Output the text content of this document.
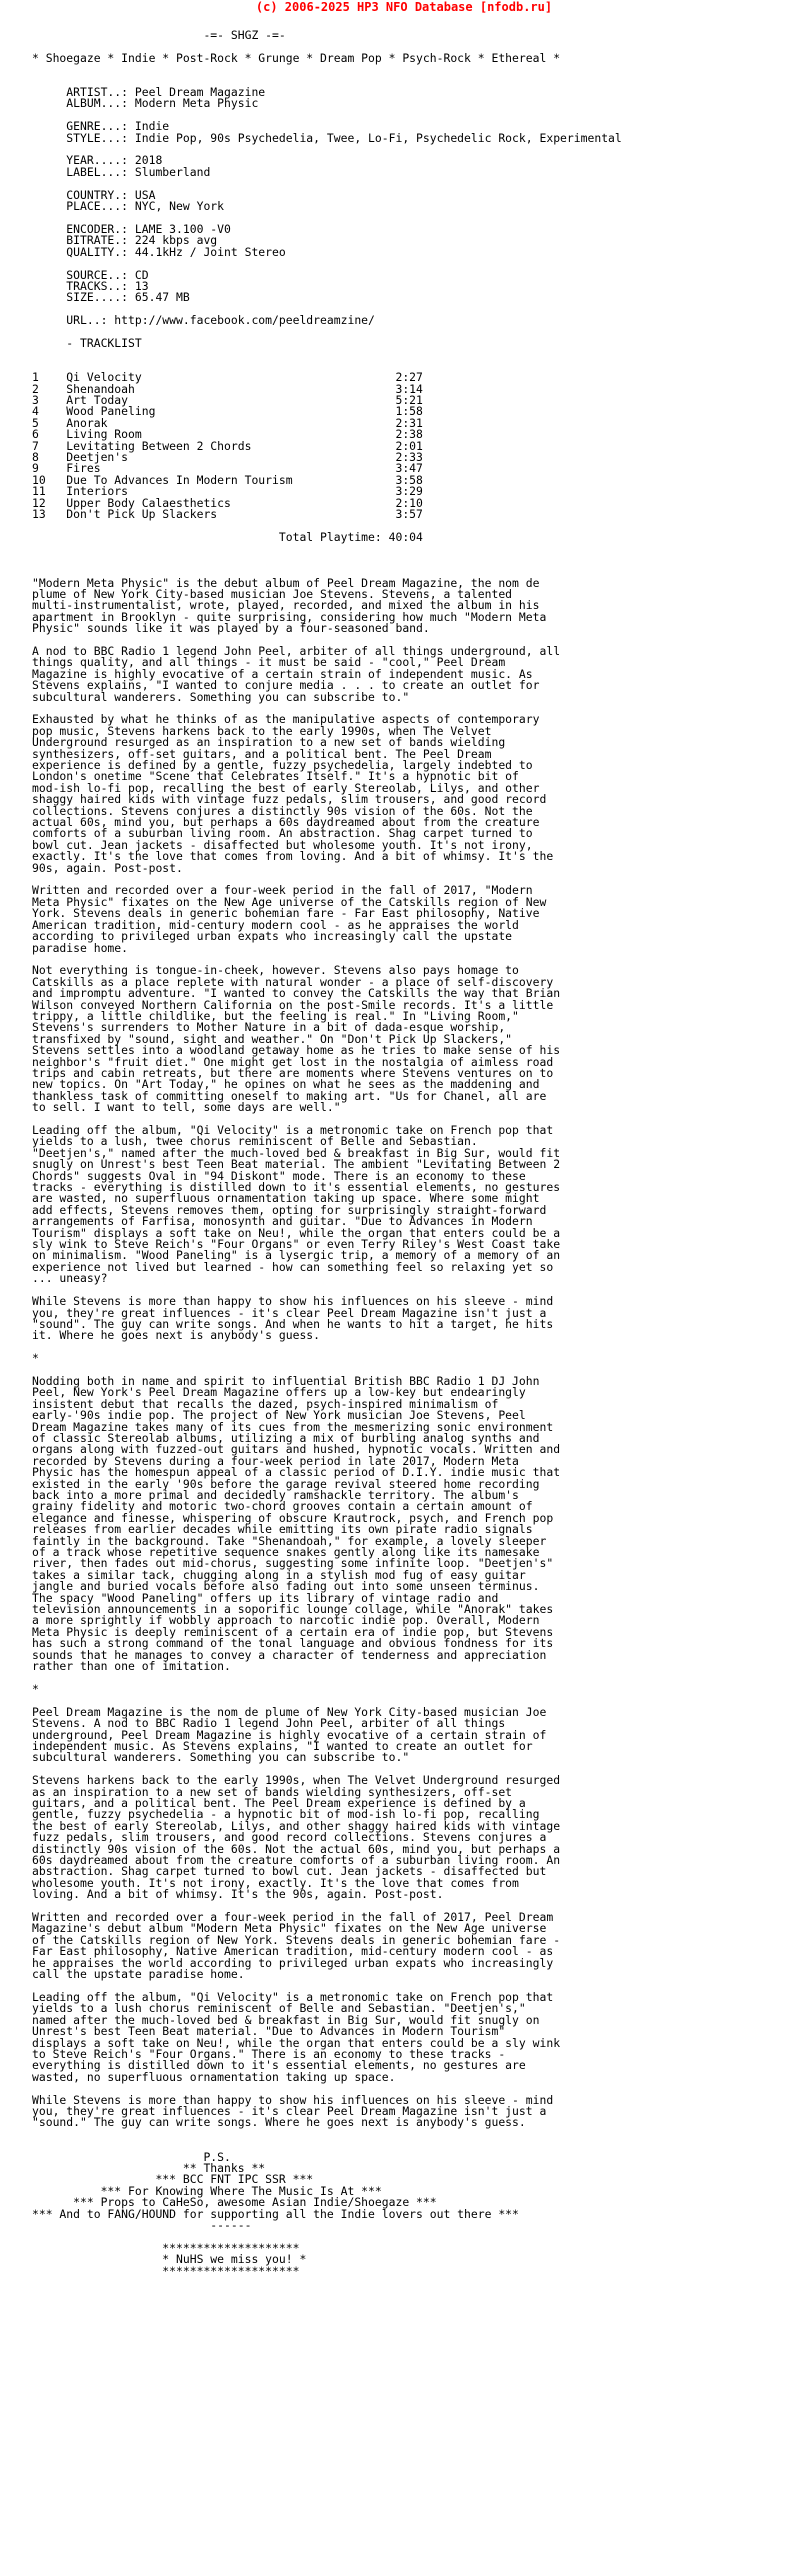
(c) 2006-2025 HP3 NFO Database [nfodb.ru]
-=- SHGZ -=-

* Shoegaze * Indie * Post-Rock * Grunge * Dream Pop * Psych-Rock * Ethereal *

ARTIST..: Peel Dream Magazine
ALBUM...: Modern Meta Physic

GENRE...: Indie
STYLE...: Indie Pop, 90s Psychedelia, Twee, Lo-Fi, Psychedelic Rock, Experimental

YEAR....: 2018
LABEL...: Slumberland

COUNTRY.: USA
PLACE...: NYC, New York

ENCODER.: LAME 3.100 -V0
BITRATE.: 224 kbps avg
QUALITY.: 44.1kHz / Joint Stereo

SOURCE..: CD
TRACKS..: 13
SIZE....: 65.47 MB

URL..: http://www.facebook.com/peeldreamzine/

- TRACKLIST

1    Qi Velocity                                     2:27
2    Shenandoah                                      3:14
3    Art Today                                       5:21
4    Wood Paneling                                   1:58
5    Anorak                                          2:31
6    Living Room                                     2:38
7    Levitating Between 2 Chords                     2:01
8    Deetjen's                                       2:33
9    Fires                                           3:47
10   Due To Advances In Modern Tourism               3:58
11   Interiors                                       3:29
12   Upper Body Calaesthetics                        2:10
13   Don't Pick Up Slackers                          3:57

Total Playtime: 40:04

"Modern Meta Physic" is the debut album of Peel Dream Magazine, the nom de
plume of New York City-based musician Joe Stevens. Stevens, a talented
multi-instrumentalist, wrote, played, recorded, and mixed the album in his
apartment in Brooklyn - quite surprising, considering how much "Modern Meta
Physic" sounds like it was played by a four-seasoned band.

A nod to BBC Radio 1 legend John Peel, arbiter of all things underground, all
things quality, and all things - it must be said - "cool," Peel Dream
Magazine is highly evocative of a certain strain of independent music. As
Stevens explains, "I wanted to conjure media . . . to create an outlet for
subcultural wanderers. Something you can subscribe to."

Exhausted by what he thinks of as the manipulative aspects of contemporary
pop music, Stevens harkens back to the early 1990s, when The Velvet
Underground resurged as an inspiration to a new set of bands wielding
synthesizers, off-set guitars, and a political bent. The Peel Dream
experience is defined by a gentle, fuzzy psychedelia, largely indebted to
London's onetime "Scene that Celebrates Itself." It's a hypnotic bit of
mod-ish lo-fi pop, recalling the best of early Stereolab, Lilys, and other
shaggy haired kids with vintage fuzz pedals, slim trousers, and good record
collections. Stevens conjures a distinctly 90s vision of the 60s. Not the
actual 60s, mind you, but perhaps a 60s daydreamed about from the creature
comforts of a suburban living room. An abstraction. Shag carpet turned to
bowl cut. Jean jackets - disaffected but wholesome youth. It's not irony,
exactly. It's the love that comes from loving. And a bit of whimsy. It's the
90s, again. Post-post.

Written and recorded over a four-week period in the fall of 2017, "Modern
Meta Physic" fixates on the New Age universe of the Catskills region of New
York. Stevens deals in generic bohemian fare - Far East philosophy, Native
American tradition, mid-century modern cool - as he appraises the world
according to privileged urban expats who increasingly call the upstate
paradise home.

Not everything is tongue-in-cheek, however. Stevens also pays homage to
Catskills as a place replete with natural wonder - a place of self-discovery
and impromptu adventure. "I wanted to convey the Catskills the way that Brian
Wilson conveyed Northern California on the post-Smile records. It's a little
trippy, a little childlike, but the feeling is real." In "Living Room,"
Stevens's surrenders to Mother Nature in a bit of dada-esque worship,
transfixed by "sound, sight and weather." On "Don't Pick Up Slackers,"
Stevens settles into a woodland getaway home as he tries to make sense of his
neighbor's "fruit diet." One might get lost in the nostalgia of aimless road
trips and cabin retreats, but there are moments where Stevens ventures on to
new topics. On "Art Today," he opines on what he sees as the maddening and
thankless task of committing oneself to making art. "Us for Chanel, all are
to sell. I want to tell, some days are well."

Leading off the album, "Qi Velocity" is a metronomic take on French pop that
yields to a lush, twee chorus reminiscent of Belle and Sebastian.
"Deetjen's," named after the much-loved bed & breakfast in Big Sur, would fit
snugly on Unrest's best Teen Beat material. The ambient "Levitating Between 2
Chords" suggests Oval in "94 Diskont" mode. There is an economy to these
tracks - everything is distilled down to it's essential elements, no gestures
are wasted, no superfluous ornamentation taking up space. Where some might
add effects, Stevens removes them, opting for surprisingly straight-forward
arrangements of Farfisa, monosynth and guitar. "Due to Advances in Modern
Tourism" displays a soft take on Neu!, while the organ that enters could be a
sly wink to Steve Reich's "Four Organs" or even Terry Riley's West Coast take
on minimalism. "Wood Paneling" is a lysergic trip, a memory of a memory of an
experience not lived but learned - how can something feel so relaxing yet so
... uneasy?

While Stevens is more than happy to show his influences on his sleeve - mind
you, they're great influences - it's clear Peel Dream Magazine isn't just a
"sound". The guy can write songs. And when he wants to hit a target, he hits
it. Where he goes next is anybody's guess.

*

Nodding both in name and spirit to influential British BBC Radio 1 DJ John
Peel, New York's Peel Dream Magazine offers up a low-key but endearingly
insistent debut that recalls the dazed, psych-inspired minimalism of
early-'90s indie pop. The project of New York musician Joe Stevens, Peel
Dream Magazine takes many of its cues from the mesmerizing sonic environment
of classic Stereolab albums, utilizing a mix of burbling analog synths and
organs along with fuzzed-out guitars and hushed, hypnotic vocals. Written and
recorded by Stevens during a four-week period in late 2017, Modern Meta
Physic has the homespun appeal of a classic period of D.I.Y. indie music that
existed in the early '90s before the garage revival steered home recording
back into a more primal and decidedly ramshackle territory. The album's
grainy fidelity and motoric two-chord grooves contain a certain amount of
elegance and finesse, whispering of obscure Krautrock, psych, and French pop
releases from earlier decades while emitting its own pirate radio signals
faintly in the background. Take "Shenandoah," for example, a lovely sleeper
of a track whose repetitive sequence snakes gently along like its namesake
river, then fades out mid-chorus, suggesting some infinite loop. "Deetjen's"
takes a similar tack, chugging along in a stylish mod fug of easy guitar
jangle and buried vocals before also fading out into some unseen terminus.
The spacy "Wood Paneling" offers up its library of vintage radio and
television announcements in a soporific lounge collage, while "Anorak" takes
a more sprightly if wobbly approach to narcotic indie pop. Overall, Modern
Meta Physic is deeply reminiscent of a certain era of indie pop, but Stevens
has such a strong command of the tonal language and obvious fondness for its
sounds that he manages to convey a character of tenderness and appreciation
rather than one of imitation.

*

Peel Dream Magazine is the nom de plume of New York City-based musician Joe
Stevens. A nod to BBC Radio 1 legend John Peel, arbiter of all things
underground, Peel Dream Magazine is highly evocative of a certain strain of
independent music. As Stevens explains, "I wanted to create an outlet for
subcultural wanderers. Something you can subscribe to."

Stevens harkens back to the early 1990s, when The Velvet Underground resurged
as an inspiration to a new set of bands wielding synthesizers, off-set
guitars, and a political bent. The Peel Dream experience is defined by a
gentle, fuzzy psychedelia - a hypnotic bit of mod-ish lo-fi pop, recalling
the best of early Stereolab, Lilys, and other shaggy haired kids with vintage
fuzz pedals, slim trousers, and good record collections. Stevens conjures a
distinctly 90s vision of the 60s. Not the actual 60s, mind you, but perhaps a
60s daydreamed about from the creature comforts of a suburban living room. An
abstraction. Shag carpet turned to bowl cut. Jean jackets - disaffected but
wholesome youth. It's not irony, exactly. It's the love that comes from
loving. And a bit of whimsy. It's the 90s, again. Post-post.

Written and recorded over a four-week period in the fall of 2017, Peel Dream
Magazine's debut album "Modern Meta Physic" fixates on the New Age universe
of the Catskills region of New York. Stevens deals in generic bohemian fare -
Far East philosophy, Native American tradition, mid-century modern cool - as
he appraises the world according to privileged urban expats who increasingly
call the upstate paradise home.

Leading off the album, "Qi Velocity" is a metronomic take on French pop that
yields to a lush chorus reminiscent of Belle and Sebastian. "Deetjen's,"
named after the much-loved bed & breakfast in Big Sur, would fit snugly on
Unrest's best Teen Beat material. "Due to Advances in Modern Tourism"
displays a soft take on Neu!, while the organ that enters could be a sly wink
to Steve Reich's "Four Organs." There is an economy to these tracks -
everything is distilled down to it's essential elements, no gestures are
wasted, no superfluous ornamentation taking up space.

While Stevens is more than happy to show his influences on his sleeve - mind
you, they're great influences - it's clear Peel Dream Magazine isn't just a
"sound." The guy can write songs. Where he goes next is anybody's guess.

P.S.
** Thanks **
*** BCC FNT IPC SSR ***
*** For Knowing Where The Music Is At ***
*** Props to CaHeSo, awesome Asian Indie/Shoegaze ***
*** And to FANG/HOUND for supporting all the Indie lovers out there ***
------

********************
* NuHS we miss you! *
********************
